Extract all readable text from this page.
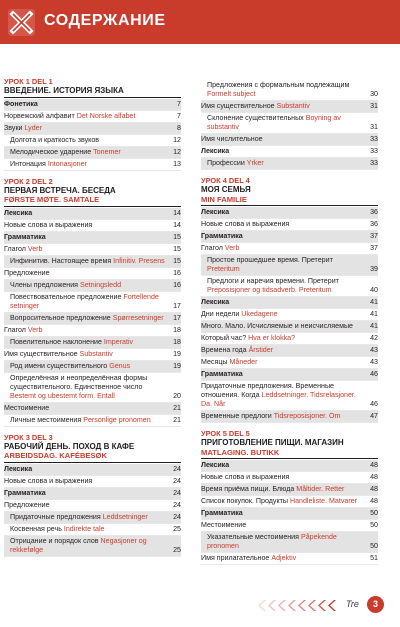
СОДЕРЖАНИЕ
УРОК 1 DEL 1
ВВЕДЕНИЕ. ИСТОРИЯ ЯЗЫКА
Фонетика	7
Норвежский алфавит Det Norske alfabet	7
Звуки Lyder	8
Долгота и краткость звуков	12
Мелодическое ударение Tonemer	12
Интонация Intonasjoner	13
УРОК 2 DEL 2
ПЕРВАЯ ВСТРЕЧА. БЕСЕДА
FØRSTE MØTE. SAMTALE
Лексика	14
Новые слова и выражения	14
Грамматика	15
Глагол Verb	15
Инфинитив. Настоящее время Infinitiv. Presens	15
Предложение	16
Члены предложения Setningsledd	16
Повествовательное предложение Fortellende setninger	17
Вопросительное предложение Spørresetninger	17
Глагол Verb	18
Повелительное наклонение Imperativ	18
Имя существительное Substantiv	19
Род имени существительного Genus	19
Определённая и неопределённая формы существительного. Единственное число Bestemt og ubestemt form. Entall	20
Местоимение	21
Личные местоимения Personlige pronomen	21
УРОК 3 DEL 3
РАБОЧИЙ ДЕНЬ. ПОХОД В КАФЕ
ARBEIDSDAG. KAFÉBESØK
Лексика	24
Новые слова и выражения	24
Грамматика	24
Предложение	24
Придаточные предложения Leddsetninger	24
Косвенная речь Indirekte tale	25
Отрицание и порядок слов Negasjoner og rekkefølge	25
Предложения с формальным подлежащим Formelt subject	30
Имя существительное Substantiv	31
Склонение существительных Boyning av substantiv	31
Имя числительное	33
Лексика	33
Профессии Yrker	33
УРОК 4 DEL 4
МОЯ СЕМЬЯ
MIN FAMILIE
Лексика	36
Новые слова и выражения	36
Грамматика	37
Глагол Verb	37
Простое прошедшее время. Претерит Preteritum	39
Предлоги и наречия времени. Претерит Preposisjoner og tidsadverb. Preteritum	40
Лексика	41
Дни недели Ukedagene	41
Много. Мало. Исчисляемые и неисчисляемые	41
Который час? Hva er klokka?	42
Времена года Årstider	43
Месяцы Måneder	43
Грамматика	46
Придаточные предложения. Временные отношения. Когда Leddsetninger. Tidsrelasjoner. Da. Når	46
Временные предлоги Tidsreposisjoner. Om	47
УРОК 5 DEL 5
ПРИГОТОВЛЕНИЕ ПИЩИ. МАГАЗИН
MATLAGING. BUTIKK
Лексика	48
Новые слова и выражения	48
Время приёма пищи. Блюда Måltider. Retter	48
Список покупок. Продукты Handleliste. Matvarer	48
Грамматика	50
Местоимение	50
Указательные местоимения Påpekende pronomen	50
Имя прилагательное Adjektiv	51
Tre	3
